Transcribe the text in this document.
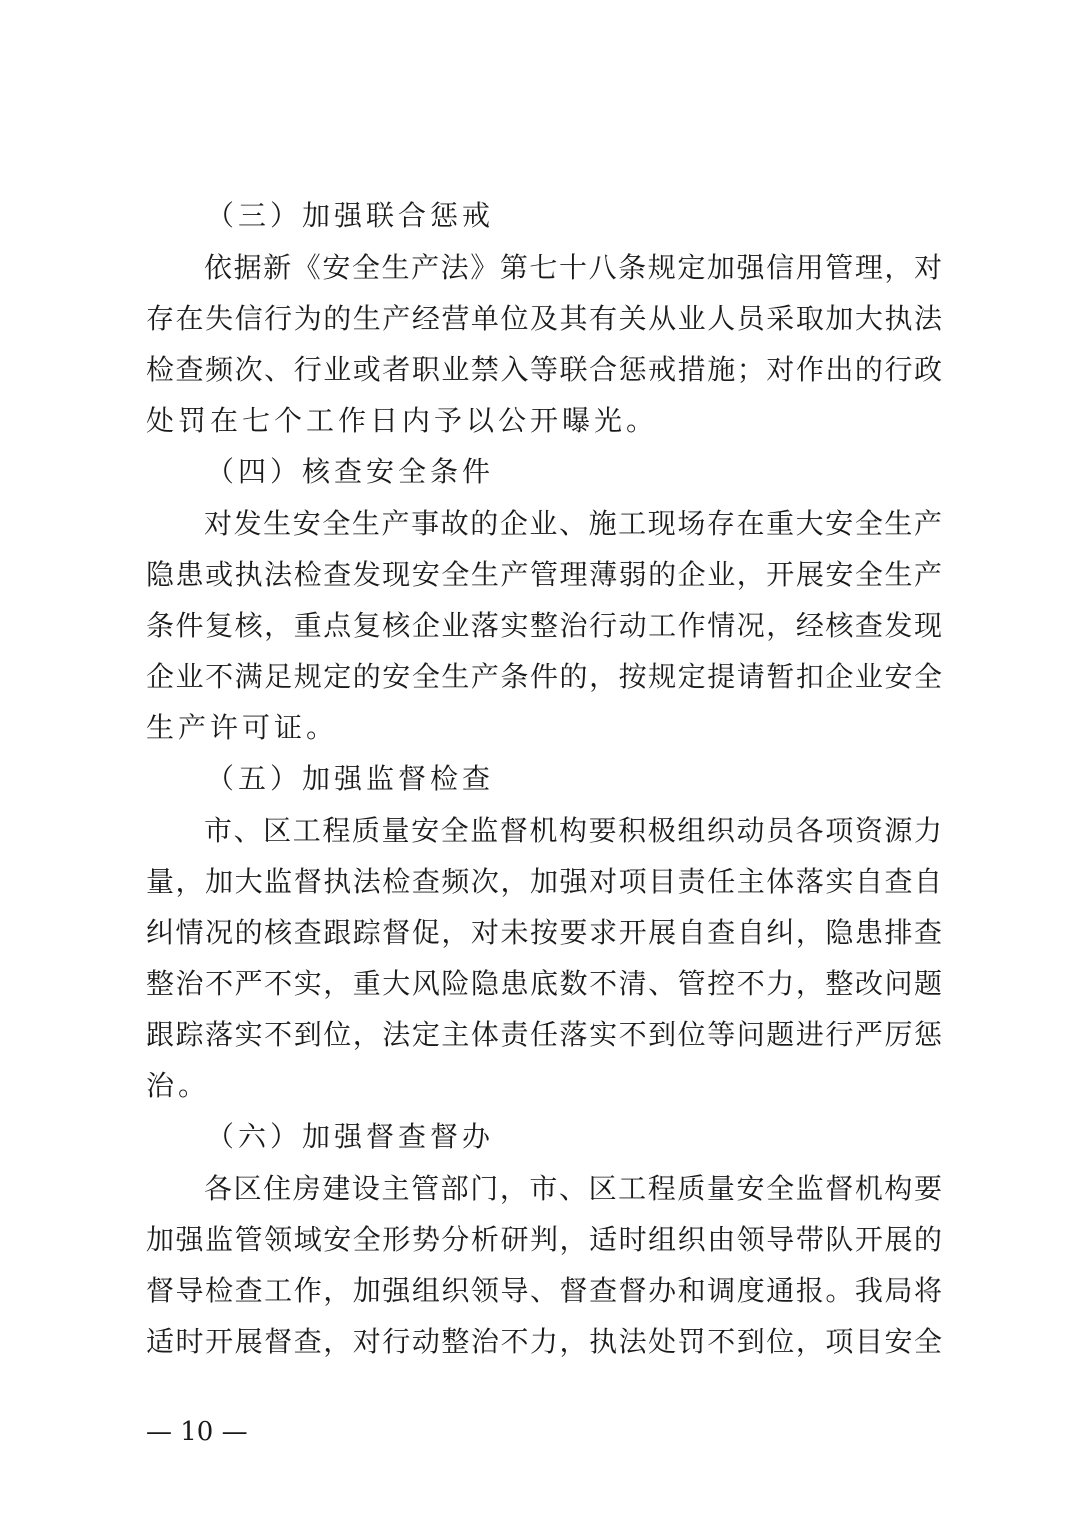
（三）加强联合惩戒
依据新《安全生产法》第七十八条规定加强信用管理，对
存在失信行为的生产经营单位及其有关从业人员采取加大执法
检查频次、行业或者职业禁入等联合惩戒措施；对作出的行政
处罚在七个工作日内予以公开曝光。
（四）核查安全条件
对发生安全生产事故的企业、施工现场存在重大安全生产
隐患或执法检查发现安全生产管理薄弱的企业，开展安全生产
条件复核，重点复核企业落实整治行动工作情况，经核查发现
企业不满足规定的安全生产条件的，按规定提请暂扣企业安全
生产许可证。
（五）加强监督检查
市、区工程质量安全监督机构要积极组织动员各项资源力
量，加大监督执法检查频次，加强对项目责任主体落实自查自
纠情况的核查跟踪督促，对未按要求开展自查自纠，隐患排查
整治不严不实，重大风险隐患底数不清、管控不力，整改问题
跟踪落实不到位，法定主体责任落实不到位等问题进行严厉惩
治。
（六）加强督查督办
各区住房建设主管部门，市、区工程质量安全监督机构要
加强监管领域安全形势分析研判，适时组织由领导带队开展的
督导检查工作，加强组织领导、督查督办和调度通报。我局将
适时开展督查，对行动整治不力，执法处罚不到位，项目安全
— 10 —
